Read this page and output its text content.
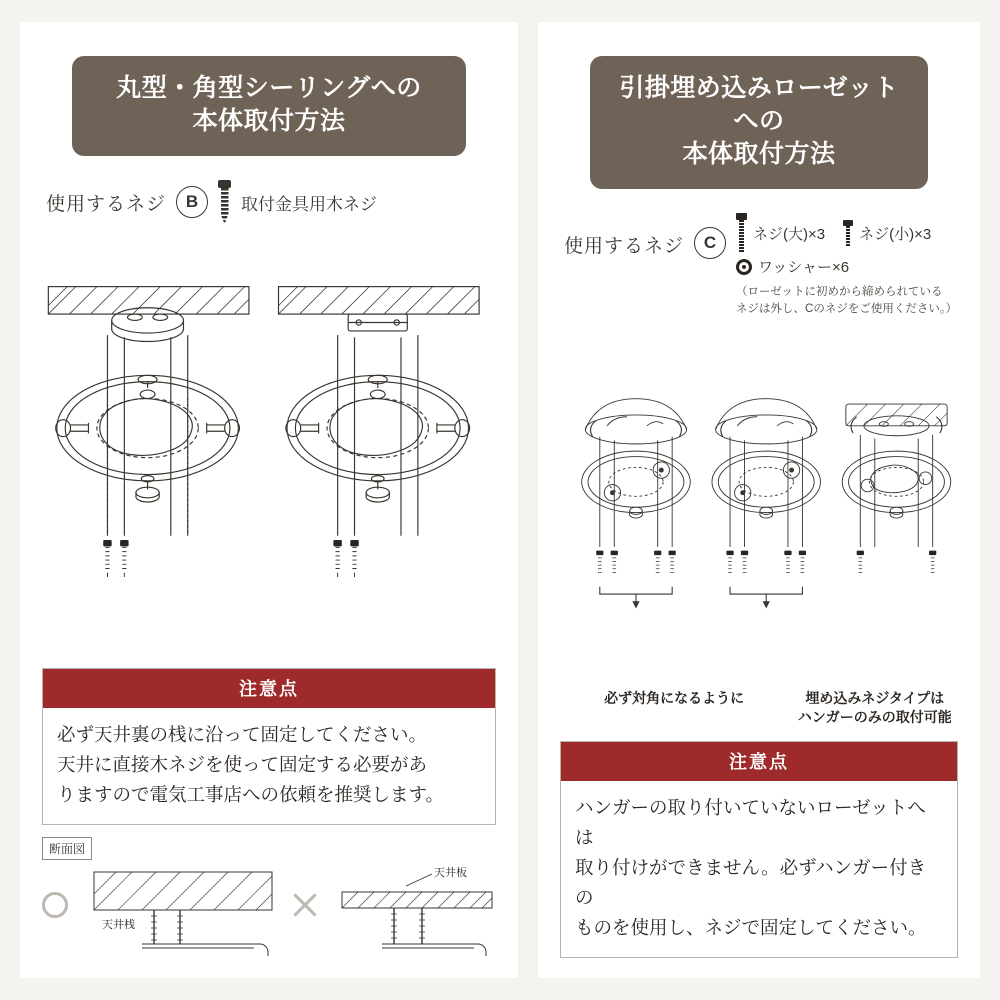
丸型・角型シーリングへの
本体取付方法
使用するネジ	B	取付金具用木ネジ
注意点

必ず天井裏の桟に沿って固定してください。

天井に直接木ネジを使って固定する必要があ

りますので電気工事店への依頼を推奨します。

断面図
天井桟
天井板
引掛埋め込みローゼットへの
本体取付方法
使用するネジ	C	ネジ(大)×3 ネジ(小)×3
ワッシャー×6
（ローゼットに初めから締められている
ネジは外し、Cのネジをご使用ください。）
必ず対角になるように	埋め込みネジタイプは
ハンガーのみの取付可能
注意点

ハンガーの取り付いていないローゼットへは

取り付けができません。必ずハンガー付きの

ものを使用し、ネジで固定してください。
